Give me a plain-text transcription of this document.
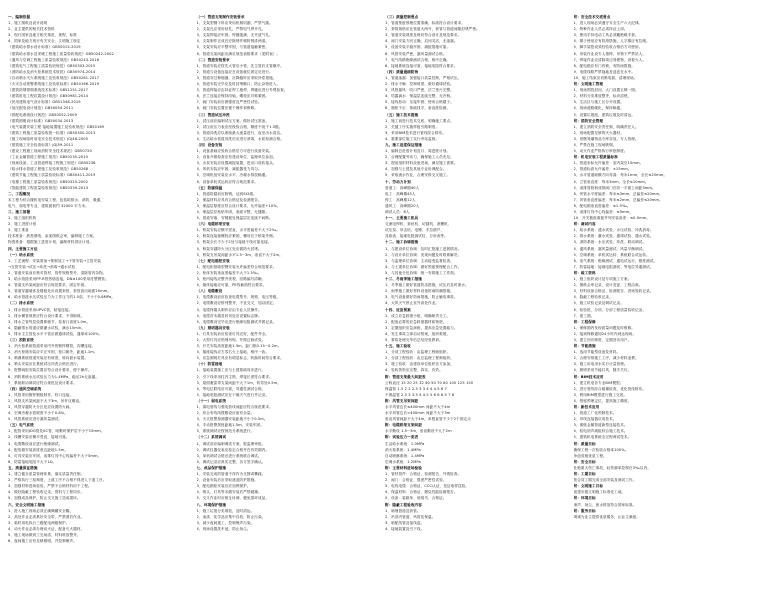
一、编制依据
1、施工图纸及设计说明
2、业主提供的相关技术资料
3、现行国家及地方相关规范、规程、标准
4、国家及地方现行有关安全、文明施工规定
《建筑给水排水设计标准》GB50015-2019
《建筑给水排水及采暖工程施工质量验收规范》GB50242-2002
《通风与空调工程施工质量验收规范》GB50243-2016
《建筑电气工程施工质量验收规范》GB50303-2015
《消防给水及消火栓系统技术规范》GB50974-2014
《自动喷水灭火系统施工及验收规范》GB50261-2017
《火灾自动报警系统施工及验收标准》GB50166-2019
《建筑防烟排烟系统技术标准》GB51251-2017
《建筑机电工程抗震设计规范》GB50981-2014
《民用建筑电气设计标准》GB51348-2019
《低压配电设计规范》GB50054-2011
《供配电系统设计规范》GB50052-2009
《建筑照明设计标准》GB50034-2013
《电气装置安装工程 接地装置施工及验收规范》GB50169
《建筑工程施工质量验收统一标准》GB50300-2013
《施工现场临时用电安全技术规范》JGJ46-2005
《建筑施工安全检查标准》JGJ59-2011
《建设工程施工现场消防安全技术规范》GB50720
《工业金属管道工程施工规范》GB50235-2010
《现场设备、工业管道焊接工程施工规范》GB50236
《给水排水管道工程施工及验收规范》GB50268
《建筑节能工程施工质量验收标准》GB50411-2019
《电梯工程施工质量验收规范》GB50310-2002
《智能建筑工程质量验收规范》GB50339-2013
二、工程概况
本工程为综合楼机电安装工程，包括给排水、消防、暖通、
电气、弱电等专业，建筑面积约 32000 平方米。
三、施工部署
1、施工组织机构
2、施工进度计划
3、施工准备
技术准备：熟悉图纸，参加图纸会审，编制施工方案。
物资准备：根据施工进度计划，编制材料供应计划。
四、主要施工方法
（一）给水系统
1、工艺流程：安装准备→预制加工→干管安装→立管安装
→支管安装→试压→冲洗→消毒→通水试验
2、管道安装前应核对管材、管件规格型号，清除管内杂物。
3、给水管道采用PP-R管热熔连接，DN≥100采用衬塑钢管。
4、管道支吊架间距应符合规范要求，固定牢固。
5、管道穿越墙体及楼板处应设置套管，套管高出地面20mm。
6、给水管道水压试验压力为工作压力的1.5倍，不小于0.6MPa。
（二）排水系统
1、排水管道采用UPVC管，粘接连接。
2、排水横管坡度应符合设计要求，不得倒坡。
3、排水立管每层设置伸缩节，检查口高度1.0m。
4、隐蔽排水管道应做灌水试验，满水15min。
5、排水主立管及水平干管应做通球试验，通球率100%。
（三）消防系统
1、消火栓系统管道采用内外热镀锌钢管，沟槽连接。
2、消火栓箱安装应平正牢固，栓口朝外，距地1.1m。
3、喷淋系统管道安装应有坡度，坡向泄水装置。
4、喷头安装应在系统试压冲洗合格后进行。
5、报警阀组安装位置应符合设计要求，便于操作。
6、消防系统水压试验压力为1.4MPa，稳压2h无渗漏。
7、系统联动调试应符合规范及设计要求。
（四）通风空调系统
1、风管采用镀锌钢板制作，咬口连接。
2、风管支吊架间距不大于3m，吊杆应顺直。
3、风管穿越防火分区处应设置防火阀。
4、空调冷凝水管坡度不小于0.8%。
5、风管系统应进行漏风量测试。
（五）电气系统
1、配管采用JDG管及SC管，暗敷时保护层不小于15mm。
2、线槽安装应横平竖直，接地可靠。
3、电缆敷设前应进行绝缘测试。
4、配电箱安装高度底边距地1.5m。
5、灯具安装应牢固，成排灯具中心线偏差不大于5mm。
6、防雷接地电阻不大于1Ω。
五、质量保证措施
1、建立健全质量管理体系，落实质量责任制。
2、严格执行三检制度，上道工序不合格不得进入下道工序。
3、加强材料进场检验，严禁不合格材料用于工程。
4、做好隐蔽工程验收记录，资料与工程同步。
5、加强成品保护，防止交叉施工造成损坏。
六、安全文明施工措施
1、进入施工现场必须正确佩戴安全帽。
2、高处作业必须系好安全带，严禁酒后作业。
3、临时用电执行三级配电两级保护。
4、动火作业必须办理动火证，配备灭火器材。
5、施工现场做到工完场清，材料堆放整齐。
6、夜间施工应有足够照明，并控制噪声。
（一）管道支架制作安装要求
1、支架型钢下料应采用机械切割，严禁气割。
2、支架孔应采用钻孔，严禁电气焊开孔。
3、支架焊接应牢固，焊缝饱满，无夹渣气孔。
4、支架制作完成后应除锈并刷防锈漆两道。
5、支架安装应平整牢固，与管道接触紧密。
6、管道支架间距应满足规范表格要求（见附表）。
（二）管道安装要求
1、管道安装应按先大管后小管、先主管后支管顺序。
2、管道与设备连接应在设备就位固定后进行。
3、管道穿过伸缩缝、沉降缝时应采取补偿措施。
4、管道安装完毕应及时封堵敞口，防止杂物进入。
5、管道焊接应由持证焊工施焊，焊缝应进行外观检查。
6、法兰连接应保持同轴，螺栓应对称紧固。
7、阀门安装前应做强度及严密性试验。
8、阀门安装位置应便于操作和维修。
（三）管道试压冲洗
1、试压前应编制试压方案，做好试压准备。
2、试压用压力表应经校验合格，精度不低于1.5级。
3、管道冲洗应以系统最大流量进行，直至出水清洁。
4、生活给水管道冲洗后应进行消毒，水质检测合格。
（四）设备安装
1、设备基础应验收合格后方可进行设备安装。
2、设备开箱检查应有建设单位、监理单位参加。
3、水泵安装应设置减振装置，进出口设软接头。
4、风机安装应牢固，减振器受力均匀。
5、空调机组安装应水平，冷凝水排放畅通。
6、设备单机试运转应符合规范要求。
（五）防腐保温
1、管道防腐前应除锈，达到St2级。
2、保温材料应具有合格证及检测报告。
3、保温层厚度应符合设计要求，允许偏差+10%。
4、保温层应粘贴牢固，表面平整，无缝隙。
5、管道穿墙、穿楼板处保温层应连续不间断。
（六）电缆桥架安装
1、桥架安装应横平竖直，水平度偏差不大于2‰。
2、桥架连接板螺栓应紧固，螺母位于桥架外侧。
3、桥架全长不少于2处与接地干线可靠连接。
4、桥架穿越防火分区处应做防火封堵。
5、桥架支吊架间距水平1.5~3m，垂直不大于2m。
（七）配电箱柜安装
1、配电柜基础型钢安装允许偏差符合规范要求。
2、柜体安装垂直度偏差不大于1.5‰。
3、柜内接线应整齐美观，回路编号清晰。
4、箱体接地应可靠，PE线截面符合要求。
（八）电缆敷设
1、电缆敷设前应检查电缆型号、规格、电压等级。
2、电缆敷设应排列整齐，不宜交叉，加以固定。
3、电缆终端头制作应由专业人员操作。
4、电缆首末端及转弯处应设置标志牌。
5、电缆敷设完毕应进行绝缘电阻测试并做记录。
（九）照明器具安装
1、灯具安装前应检查灯具完好，配件齐全。
2、大型灯具应预埋吊钩，并做过载试验。
3、开关安装高度距地1.3m，距门框0.15~0.2m。
4、插座接线应左零右火上接地，相序一致。
5、应急照明灯具应有明显标志，转换时间符合要求。
（十）防雷接地
1、接地装置施工应与土建基础同步进行。
2、引下线采用柱内主筋，焊接长度符合要求。
3、屋面避雷带支架间距不大于1m，转弯处0.5m。
4、等电位联结应可靠，导通性测试合格。
5、接地电阻测试应在干燥天气进行并记录。
（十一）弱电系统
1、弱电管线与强电管线间距应符合规范要求。
2、综合布线线缆敷设应留有余量。
3、火灾报警探测器安装距墙不小于0.5m。
4、手动报警按钮距地1.5m，安装牢固。
5、系统调试应按规范分系统进行。
（十二）系统调试
1、调试前应编制调试方案，报监理审批。
2、调试仪器仪表应检定合格并在有效期内。
3、单机调试合格后进行系统联合调试。
4、调试记录应真实完整，各方签字确认。
七、成品保护措施
1、安装完成的管道不得作为支撑或攀踩。
2、设备安装后应采取遮盖防护措施。
3、配电箱柜安装后应加锁保护。
4、喷头、灯具等末端安装后严禁碰撞。
5、交叉作业时应相互协调，避免损坏成品。
八、环境保护措施
1、施工垃圾分类堆放，及时清运。
2、油漆、化学品应集中存放，防止污染。
3、减少夜间施工，控制噪声污染。
4、现场设置洗车池，防止扬尘。
（三）质量控制要点
1、管道预留预埋位置准确，标高符合设计要求。
2、套管规格应比管道大两号，套管与管道间隙封堵严密。
3、管道安装坡度及坡向符合设计及规范要求。
4、阀门安装方向正确，启闭灵活，无渗漏。
5、设备安装平稳牢固，减振措施可靠。
6、风管安装严密，漏风量测试合格。
7、电气线路绝缘测试合格，相序正确。
8、接地系统连接可靠，接地电阻符合要求。
（四）质量通病防治
1、管道渗漏：加强接口质量控制，严格试压。
2、排水不畅：控制坡度，做好通球试验。
3、风管漏风：咬口严密，法兰垫片完整。
4、结露滴水：保温层连续完整，无冷桥。
5、接线松动：压接牢固，使用合格端子。
6、箱柜不正：基础找平，垂直度检测。
（五）施工技术措施
1、施工前进行技术交底，明确施工要点。
2、关键工序实施样板引路制度。
3、采用BIM技术进行管线综合排布。
4、重要部位施工实行旁站监督。
九、施工进度保证措施
1、编制总进度计划及月、周进度计划。
2、合理配置劳动力，确保施工人员充足。
3、提前组织材料设备进场，满足施工需要。
4、加强与土建及其他专业协调配合。
5、采取流水作业，合理安排交叉施工。
十、劳动力计划
管道工：高峰期40人
电工：高峰期45人
焊工：高峰期12人
通风工：高峰期20人
调试人员：8人
十一、主要施工机具
交流电焊机、套丝机、切割机、滚槽机、
试压泵、冲击钻、电锤、手拉葫芦、
兆欧表、接地电阻测试仪、万用表等。
十二、施工协调措施
1、与建设单位协调：及时汇报施工进展情况。
2、与设计单位协调：发现问题及时联系解决。
3、与监理单位协调：主动接受监督检查。
4、与土建单位协调：做好预留预埋配合工作。
5、与其他分包协调：统一安排施工工作面。
十三、冬雨季施工措施
1、冬季施工做好管道防冻措施，试压后及时泄水。
2、雨季施工做好材料设备防雨防潮措施。
3、电气设备做好防雨措施，防止触电事故。
4、大风天气停止室外高处作业。
十四、应急预案
1、成立应急救援小组，明确职责分工。
2、配备必要的应急救援器材和物资。
3、定期组织应急演练，提高应急处置能力。
4、发生事故立即启动预案，组织救援。
5、事故处理完毕后总结经验教训。
十五、施工验收
1、分项工程验收：由监理工程师组织。
2、分部工程验收：由总监理工程师组织。
3、竣工验收：由建设单位组织各方参加。
4、验收资料应完整、真实、有效。
附：管道支架最大间距表
公称直径 15 20 25 32 40 50 70 80 100 125 150
保温管 1.5 2 2 2.5 3 3 4 4 4.5 6 7
不保温管 2.5 3 3.5 4 4.5 5 6 6 6.5 7 8
附：风管支吊架间距
水平风管边长≤400mm 间距不大于4m
水平风管边长>400mm 间距不大于3m
垂直风管间距不大于4m，单根直管不少于2个固定点
附：电缆桥架支架间距
水平敷设 1.5~3m，垂直敷设不大于2m
附：试验压力一览表
生活给水系统：1.0MPa
消火栓系统：1.4MPa
自动喷淋系统：1.4MPa
空调水系统：1.2MPa
附：主要材料进场检验
1、管材管件：合格证、检测报告、外观检查。
2、阀门：合格证、强度严密性试验。
3、电线电缆：合格证、CCC认证、见证取样送检。
4、保温材料：合格证、燃烧性能检测报告。
5、设备：装箱单、说明书、合格证。
附：隐蔽工程验收内容
1、暗埋管道及套管。
2、吊顶内管道、风管及保温。
3、暗配线管及接线盒。
4、接地装置及引下线。
附：安全技术交底要点
1、进入现场必须遵守安全生产六大纪律。
2、特种作业人员必须持证上岗。
3、使用手持电动工具必须戴绝缘手套。
4、梯子使用应有防滑措施，人字梯应有拉绳。
5、脚手架搭设须经验收合格后方可使用。
6、吊装作业设专人指挥，吊物下严禁站人。
7、焊接作业应清除周边易燃物，设看火人。
8、配电箱应有门有锁，有防雨措施。
9、电缆线路严禁拖地及浸泡在水中。
10、施工结束应切断电源，清理现场。
附：文明施工管理
1、现场围挡封闭，大门设置五牌一图。
2、材料分类堆放整齐，标识清楚。
3、生活区与施工区分开设置。
4、现场道路硬化，保持畅通。
5、设置垃圾池，建筑垃圾及时清运。
附：消防安全管理
1、建立消防安全责任制，明确责任人。
2、现场配置足够的灭火器材。
3、易燃易爆物品专库存放，专人管理。
4、严禁在施工现场吸烟。
5、动火作业严格执行审批制度。
附：机电安装工程质量标准
1、管道坐标允许偏差：室内架空15mm。
2、管道标高允许偏差：±15mm。
3、水平管道纵横方向弯曲：每米1mm，全长≤25mm。
4、立管垂直度：每米3mm，全长≤10mm。
5、成排管段和成排阀门在同一平面上间距3mm。
6、风管水平度偏差：每米≤3mm，总偏差≤20mm。
7、风管垂直度偏差：每米≤2mm，总偏差≤20mm。
8、配电箱垂直度偏差：≤1.5‰。
9、成排灯具中心线偏差：≤5mm。
10、开关插座面板并列安装高差：≤0.5mm。
附：调试内容
1、给水系统：通水试验、水压试验、冲洗消毒。
2、排水系统：灌水试验、通球试验、通水试验。
3、消防系统：水压试验、冲洗、联动调试。
4、通风系统：漏风量测试、风量平衡调试。
5、空调系统：单机试运转、系统联合试运转。
6、电气系统：绝缘测试、通电试运行、照度测试。
7、防雷接地：接地电阻测试、等电位导通测试。
附：竣工资料
1、施工组织设计及专项施工方案。
2、图纸会审记录、设计变更、工程洽商。
3、材料设备合格证、检测报告、进场验收记录。
4、隐蔽工程验收记录。
5、施工试验记录及调试记录。
6、检验批、分项、分部工程质量验收记录。
7、竣工图。
附：工程保修
1、保修期内发现质量问题及时维修。
2、接到保修通知24小时内到达现场。
3、建立回访制度，定期回访用户。
附：节能措施
1、选用节能型设备及材料。
2、合理安排施工工序，减少材料浪费。
3、施工用电用水实行计量管理。
4、照明采用节能灯具，随手关灯。
附：BIM技术应用
1、建立机电各专业BIM模型。
2、进行管线综合碰撞检查，优化管线排布。
3、利用BIM模型进行施工交底。
4、预留预埋定位，提高施工精度。
附：新技术应用
1、管道工厂化预制技术。
2、导线连接器应用技术。
3、薄壁金属管道新型连接技术。
4、机电消声减振综合施工技术。
5、建筑机电系统全过程调试技术。
附：质量目标
确保工程一次验收合格率100%。
争创省级优质工程。
附：安全目标
杜绝重大伤亡事故，轻伤频率控制在3‰以内。
附：工期目标
按合同工期完成全部安装及调试工作。
附：文明施工目标
创建市级文明施工标准化工地。
附：环境目标
噪声、扬尘、废水排放符合国家标准。
附：服务目标
竭诚为业主提供优质服务，让业主满意。
